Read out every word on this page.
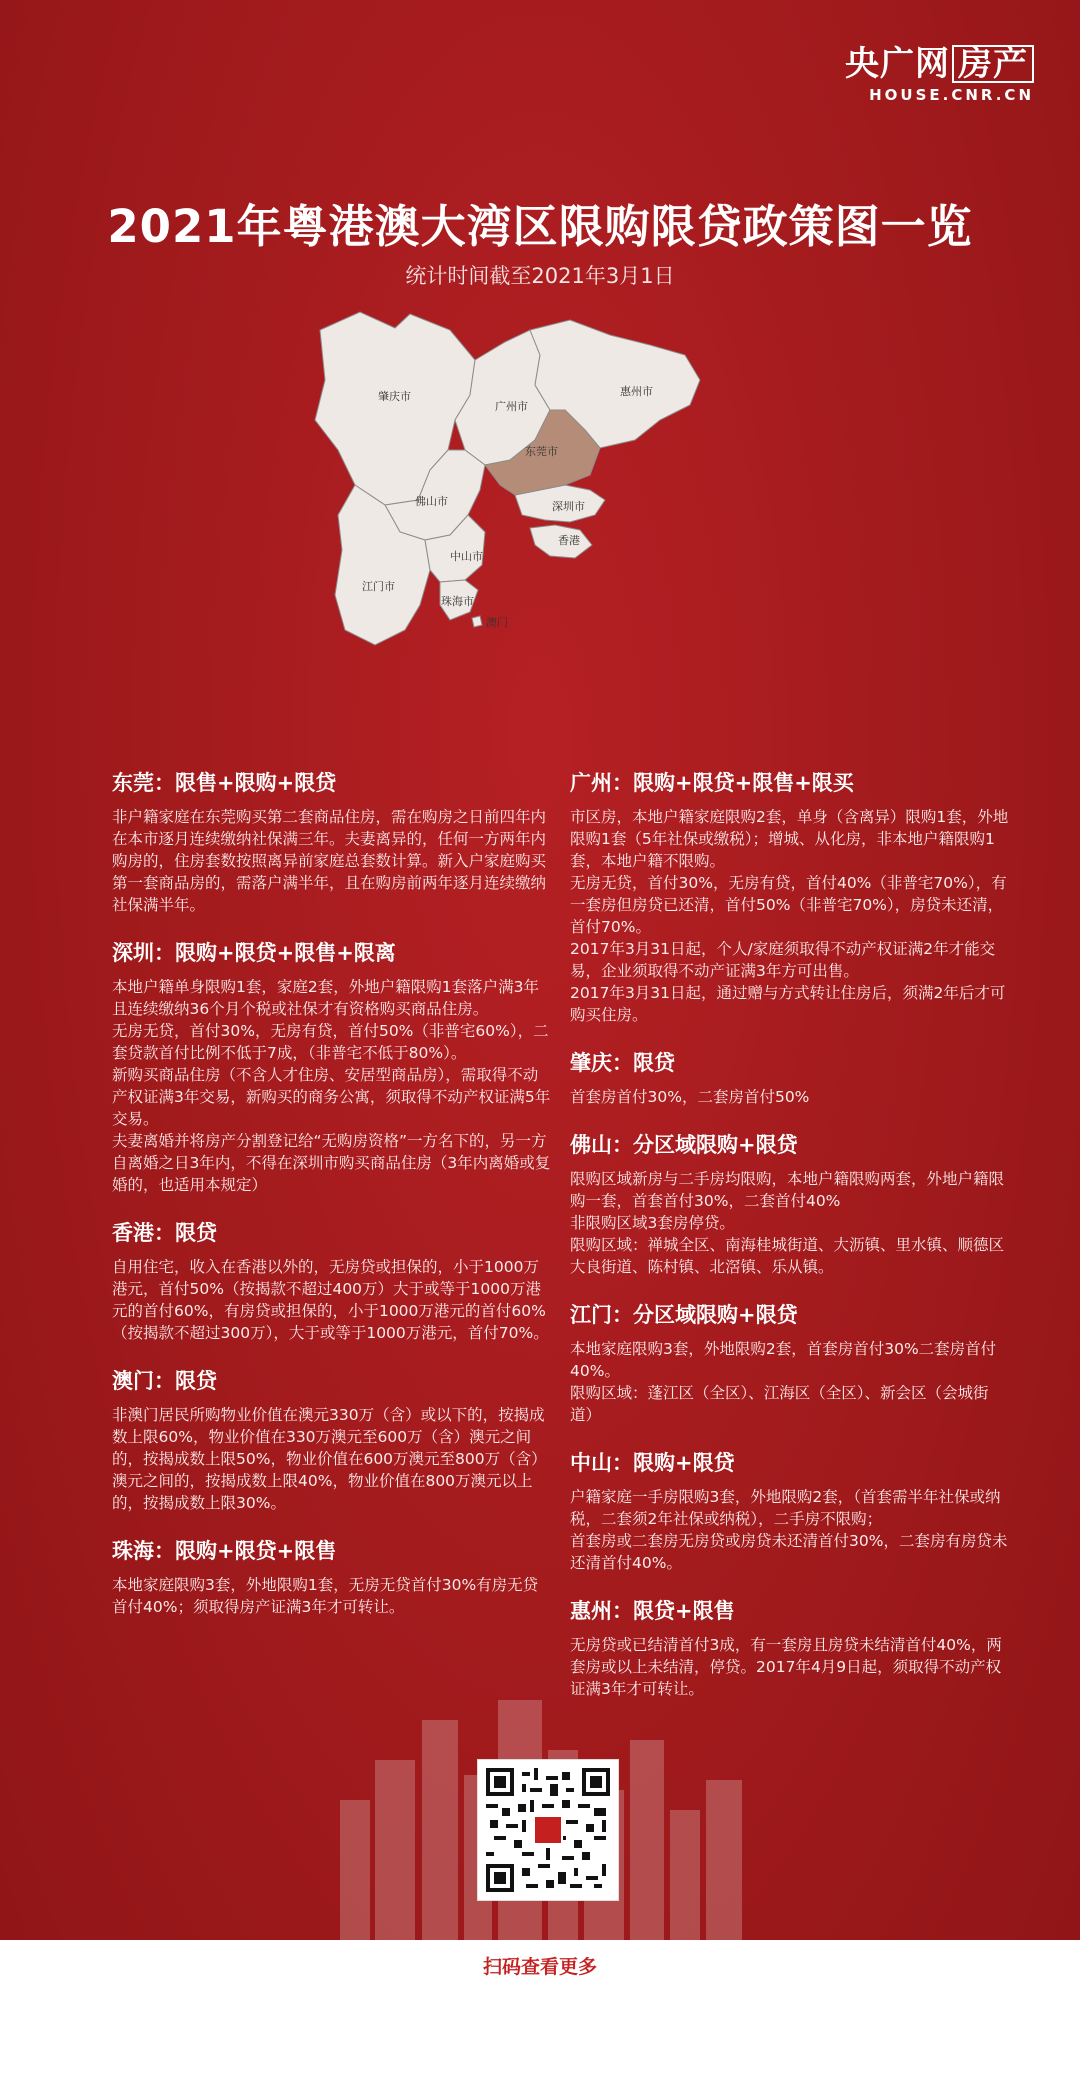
央广网 房产
HOUSE.CNR.CN
2021年粤港澳大湾区限购限贷政策图一览
统计时间截至2021年3月1日
肇庆市
广州市
惠州市
佛山市
东莞市
深圳市
中山市
江门市
珠海市
香港
澳门
东莞：限售+限购+限贷

非户籍家庭在东莞购买第二套商品住房，需在购房之日前四年内在本市逐月连续缴纳社保满三年。夫妻离异的，任何一方两年内购房的，住房套数按照离异前家庭总套数计算。新入户家庭购买第一套商品房的，需落户满半年，且在购房前两年逐月连续缴纳社保满半年。

深圳：限购+限贷+限售+限离

本地户籍单身限购1套，家庭2套，外地户籍限购1套落户满3年且连续缴纳36个月个税或社保才有资格购买商品住房。

无房无贷，首付30%，无房有贷，首付50%（非普宅60%），二套贷款首付比例不低于7成，（非普宅不低于80%）。

新购买商品住房（不含人才住房、安居型商品房），需取得不动产权证满3年交易，新购买的商务公寓，须取得不动产权证满5年交易。

夫妻离婚并将房产分割登记给“无购房资格”一方名下的，另一方自离婚之日3年内，不得在深圳市购买商品住房（3年内离婚或复婚的，也适用本规定）

香港：限贷

自用住宅，收入在香港以外的，无房贷或担保的，小于1000万港元，首付50%（按揭款不超过400万）大于或等于1000万港元的首付60%，有房贷或担保的，小于1000万港元的首付60%（按揭款不超过300万），大于或等于1000万港元，首付70%。

澳门：限贷

非澳门居民所购物业价值在澳元330万（含）或以下的，按揭成数上限60%，物业价值在330万澳元至600万（含）澳元之间的，按揭成数上限50%，物业价值在600万澳元至800万（含）澳元之间的，按揭成数上限40%，物业价值在800万澳元以上的，按揭成数上限30%。

珠海：限购+限贷+限售

本地家庭限购3套，外地限购1套，无房无贷首付30%有房无贷首付40%；须取得房产证满3年才可转让。

广州：限购+限贷+限售+限买

市区房，本地户籍家庭限购2套，单身（含离异）限购1套，外地限购1套（5年社保或缴税）；增城、从化房，非本地户籍限购1套，本地户籍不限购。

无房无贷，首付30%，无房有贷，首付40%（非普宅70%），有一套房但房贷已还清，首付50%（非普宅70%），房贷未还清，首付70%。

2017年3月31日起，个人/家庭须取得不动产权证满2年才能交易，企业须取得不动产证满3年方可出售。

2017年3月31日起，通过赠与方式转让住房后，须满2年后才可购买住房。

肇庆：限贷

首套房首付30%，二套房首付50%

佛山：分区域限购+限贷

限购区域新房与二手房均限购，本地户籍限购两套，外地户籍限购一套，首套首付30%，二套首付40%

非限购区域3套房停贷。

限购区域：禅城全区、南海桂城街道、大沥镇、里水镇、顺德区大良街道、陈村镇、北滘镇、乐从镇。

江门：分区域限购+限贷

本地家庭限购3套，外地限购2套，首套房首付30%二套房首付40%。

限购区域：蓬江区（全区）、江海区（全区）、新会区（会城街道）

中山：限购+限贷

户籍家庭一手房限购3套，外地限购2套，（首套需半年社保或纳税，二套须2年社保或纳税），二手房不限购；

首套房或二套房无房贷或房贷未还清首付30%，二套房有房贷未还清首付40%。

惠州：限贷+限售

无房贷或已结清首付3成，有一套房且房贷未结清首付40%，两套房或以上未结清，停贷。2017年4月9日起，须取得不动产权证满3年才可转让。

扫码查看更多
